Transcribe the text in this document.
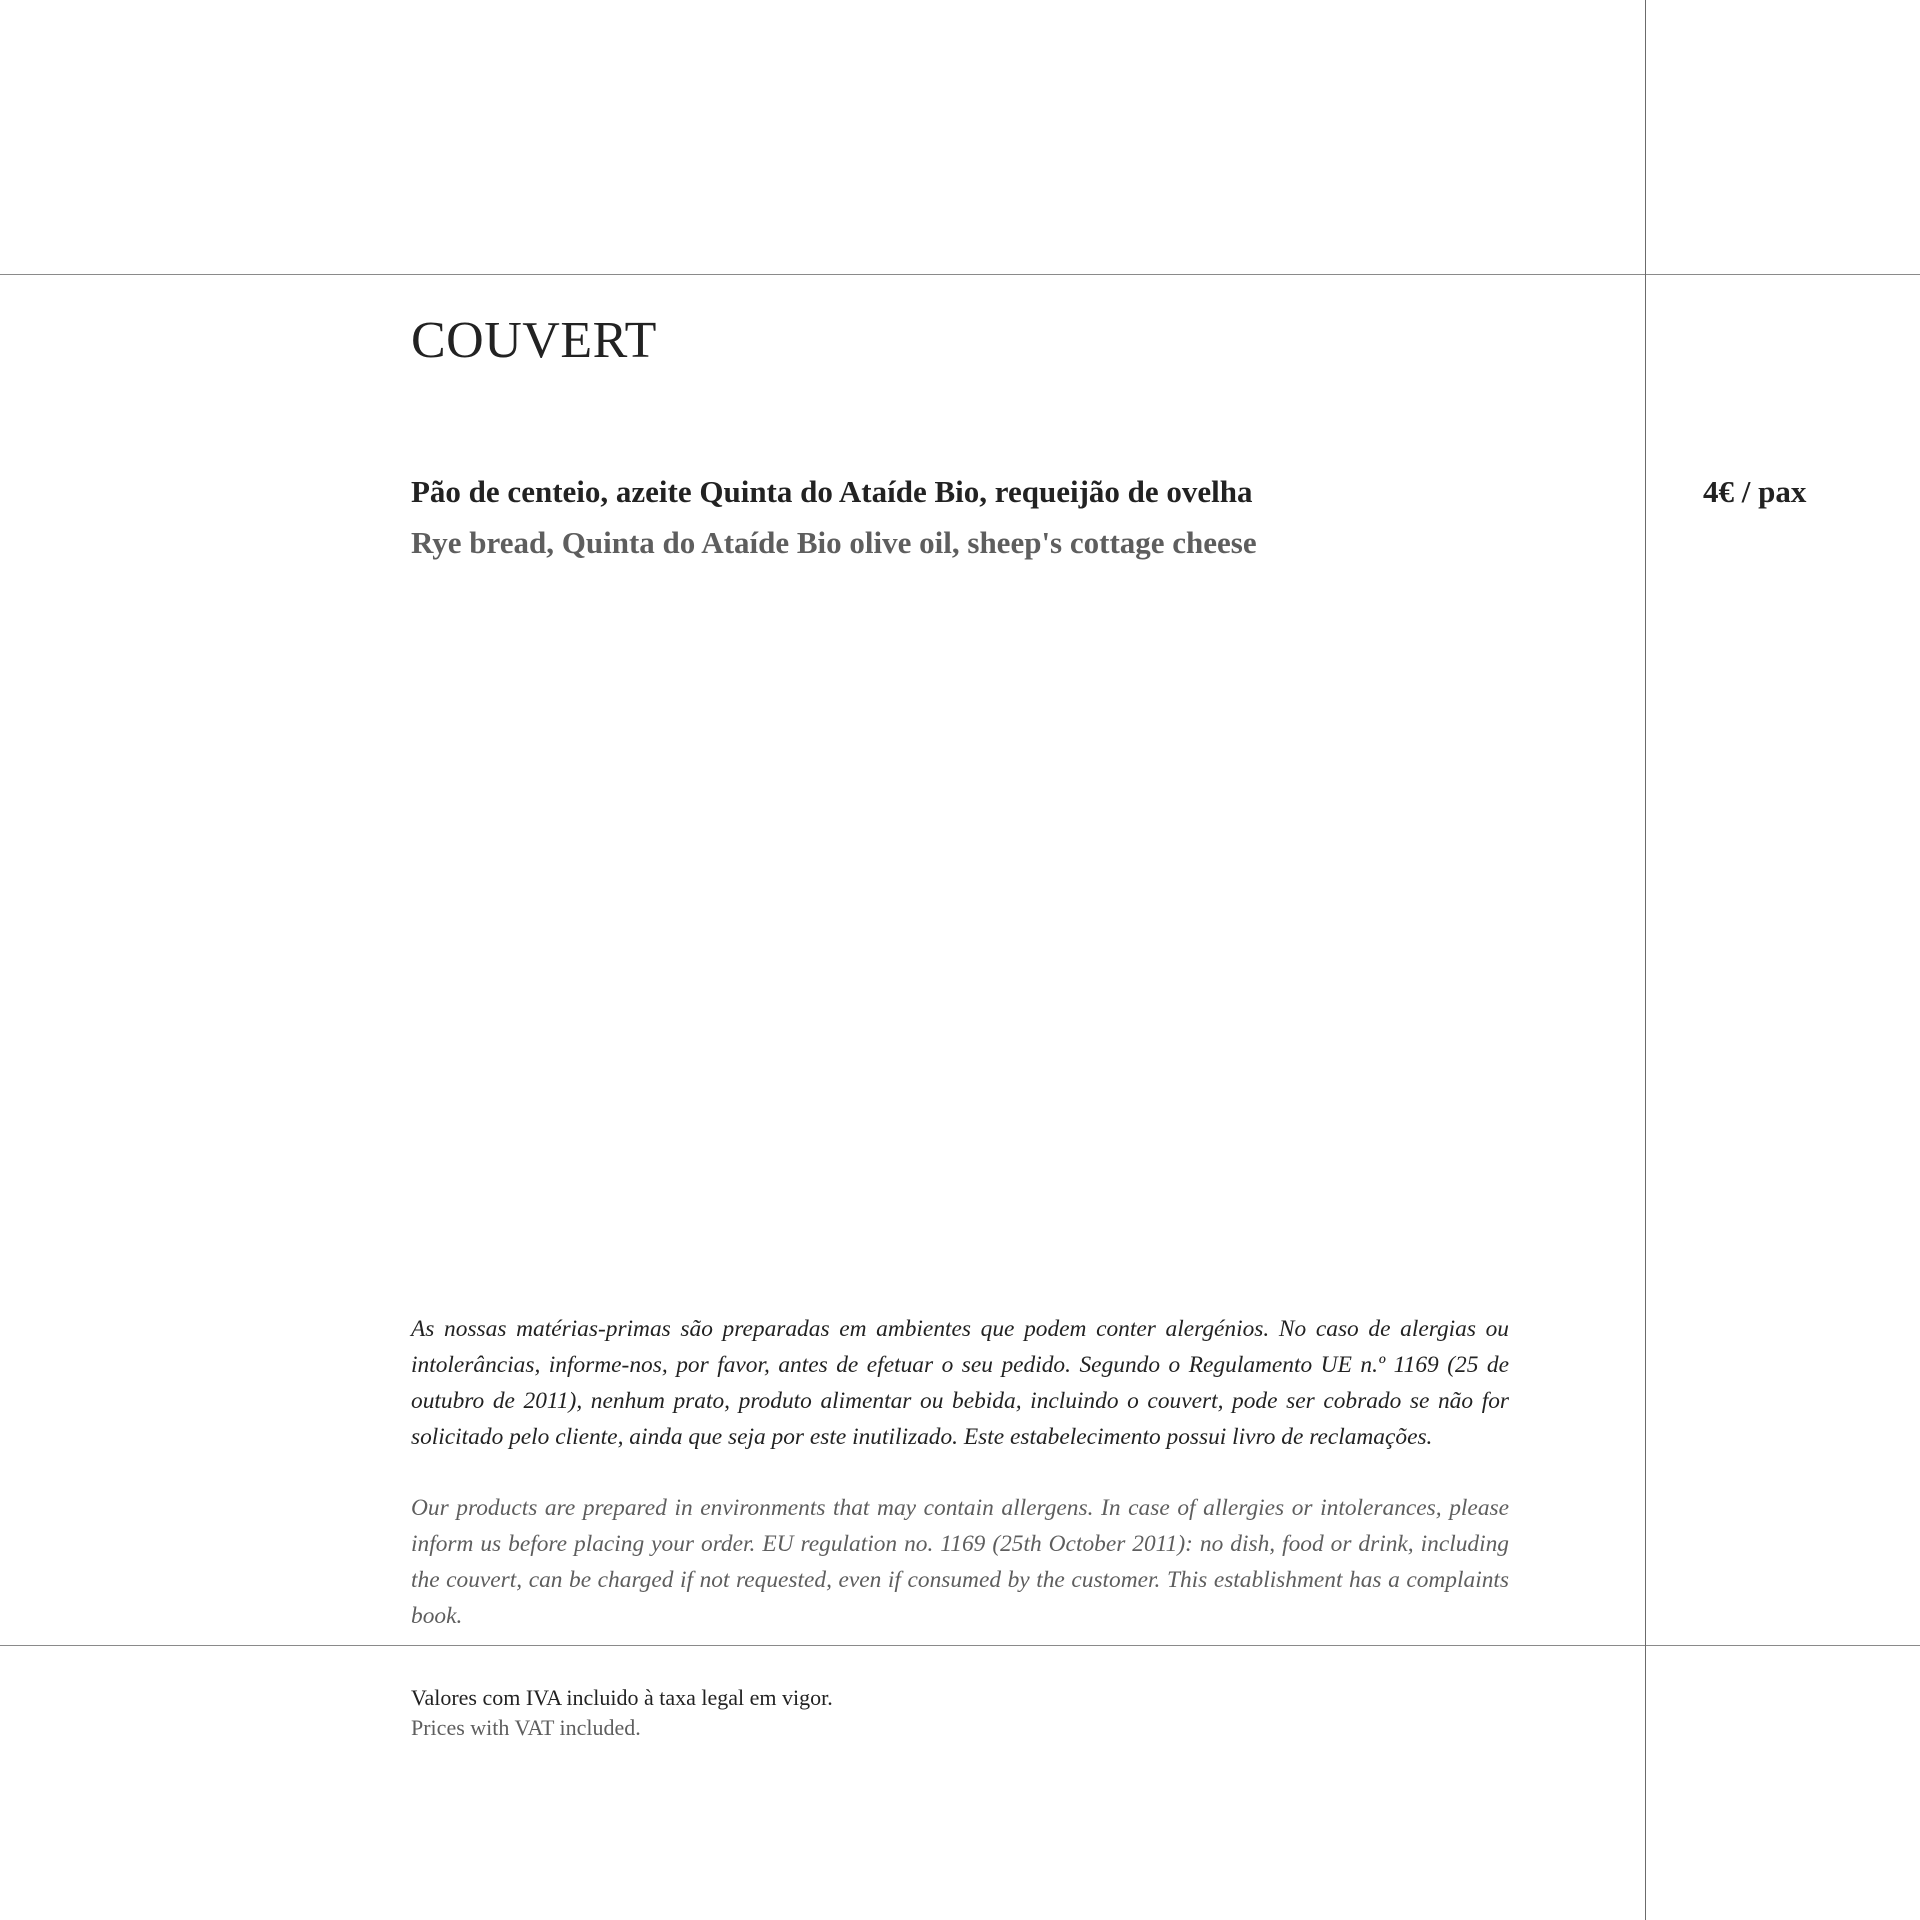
COUVERT
Pão de centeio, azeite Quinta do Ataíde Bio, requeijão de ovelha
Rye bread, Quinta do Ataíde Bio olive oil, sheep's cottage cheese
4€ / pax

As nossas matérias-primas são preparadas em ambientes que podem conter alergénios. No caso de alergias ou intolerâncias, informe-nos, por favor, antes de efetuar o seu pedido. Segundo o Regulamento UE n.º 1169 (25 de outubro de 2011), nenhum prato, produto alimentar ou bebida, incluindo o couvert, pode ser cobrado se não for solicitado pelo cliente, ainda que seja por este inutilizado. Este estabelecimento possui livro de reclamações.

Our products are prepared in environments that may contain allergens. In case of allergies or intolerances, please inform us before placing your order. EU regulation no. 1169 (25th October 2011): no dish, food or drink, including the couvert, can be charged if not requested, even if consumed by the customer. This establishment has a complaints book.

Valores com IVA incluido à taxa legal em vigor.
Prices with VAT included.
